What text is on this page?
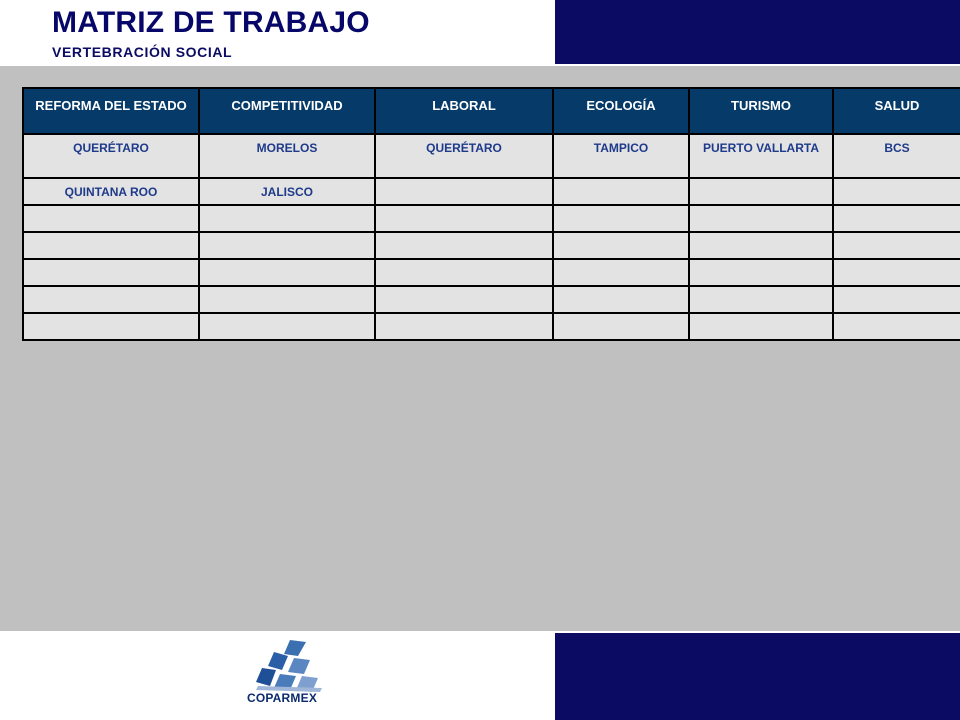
MATRIZ DE TRABAJO

VERTEBRACIÓN SOCIAL

REFORMA DEL ESTADO	COMPETITIVIDAD	LABORAL	ECOLOGÍA	TURISMO	SALUD
QUERÉTARO	MORELOS	QUERÉTARO	TAMPICO	PUERTO VALLARTA	BCS
QUINTANA ROO	JALISCO				

COPARMEX
